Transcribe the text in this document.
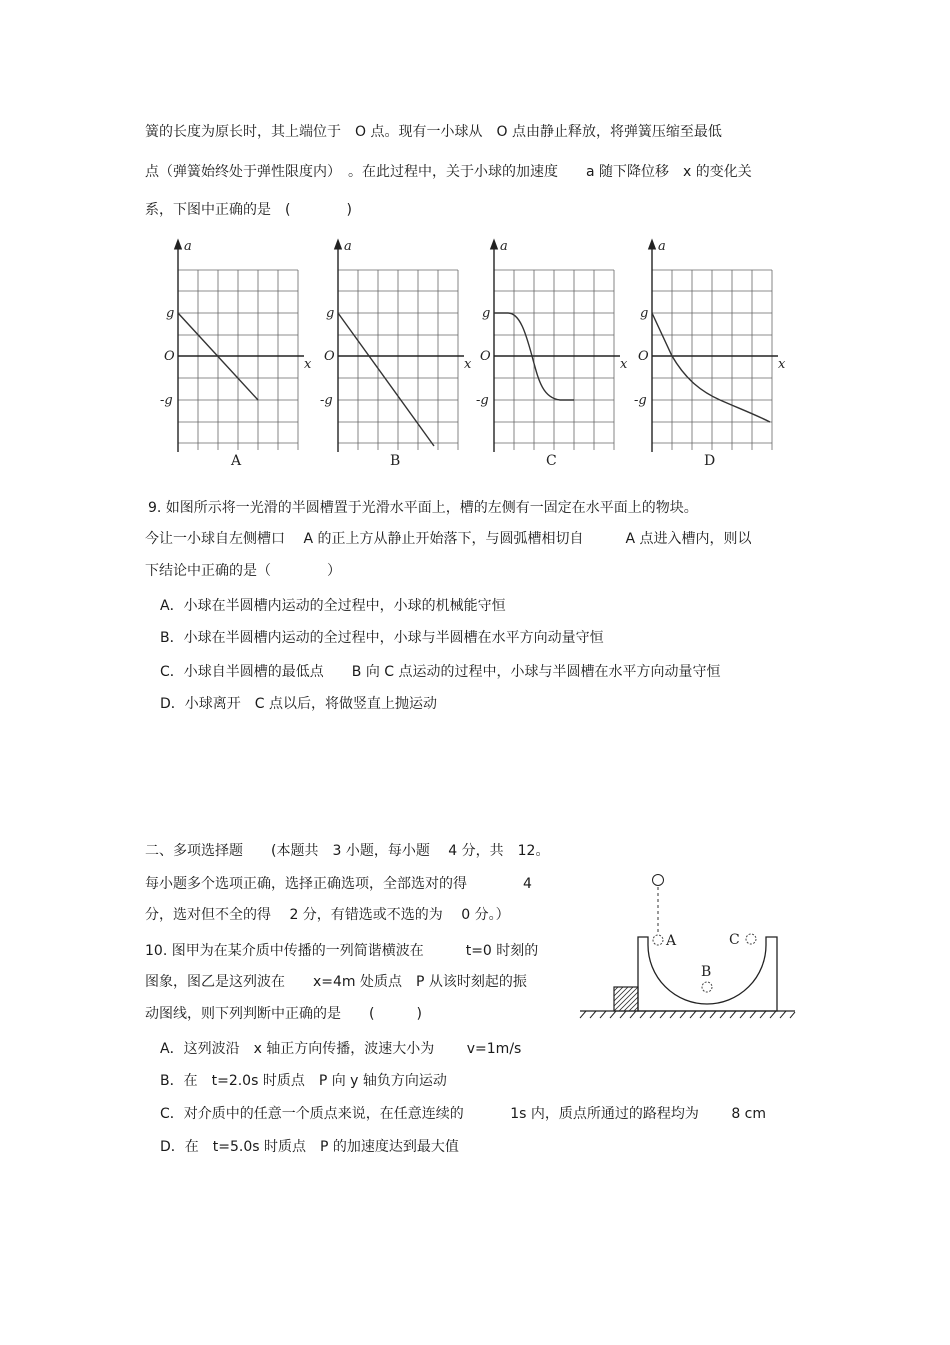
簧的长度为原长时，其上端位于　O 点。现有一小球从　O 点由静止释放，将弹簧压缩至最低
点（弹簧始终处于弹性限度内）　。在此过程中，关于小球的加速度　　a 随下降位移　x 的变化关
系，下图中正确的是　(　　　　)
a
x
g
O
-g
A
a
x
g
O
-g
B
a
x
g
O
-g
C
a
x
g
O
-g
D
9. 如图所示将一光滑的半圆槽置于光滑水平面上，槽的左侧有一固定在水平面上的物块。
今让一小球自左侧槽口　 A 的正上方从静止开始落下，与圆弧槽相切自　　　A 点进入槽内，则以
下结论中正确的是（　　　　）
A．小球在半圆槽内运动的全过程中，小球的机械能守恒
B．小球在半圆槽内运动的全过程中，小球与半圆槽在水平方向动量守恒
C．小球自半圆槽的最低点　　B 向 C 点运动的过程中，小球与半圆槽在水平方向动量守恒
D．小球离开　C 点以后，将做竖直上抛运动
二、多项选择题　　(本题共　3 小题，每小题　 4 分，共　12。
每小题多个选项正确，选择正确选项，全部选对的得　　　　4
分，选对但不全的得　 2 分，有错选或不选的为　 0 分。）
10. 图甲为在某介质中传播的一列简谐横波在　　　t=0 时刻的
图象，图乙是这列波在　　x=4m 处质点　P 从该时刻起的振
动图线，则下列判断中正确的是　　(　　　)
A．这列波沿　x 轴正方向传播，波速大小为　　 v=1m/s
B．在　t=2.0s 时质点　P 向 y 轴负方向运动
C．对介质中的任意一个质点来说，在任意连续的　　　 1s 内，质点所通过的路程均为　　 8 cm
D．在　t=5.0s 时质点　P 的加速度达到最大值
A
B
C
